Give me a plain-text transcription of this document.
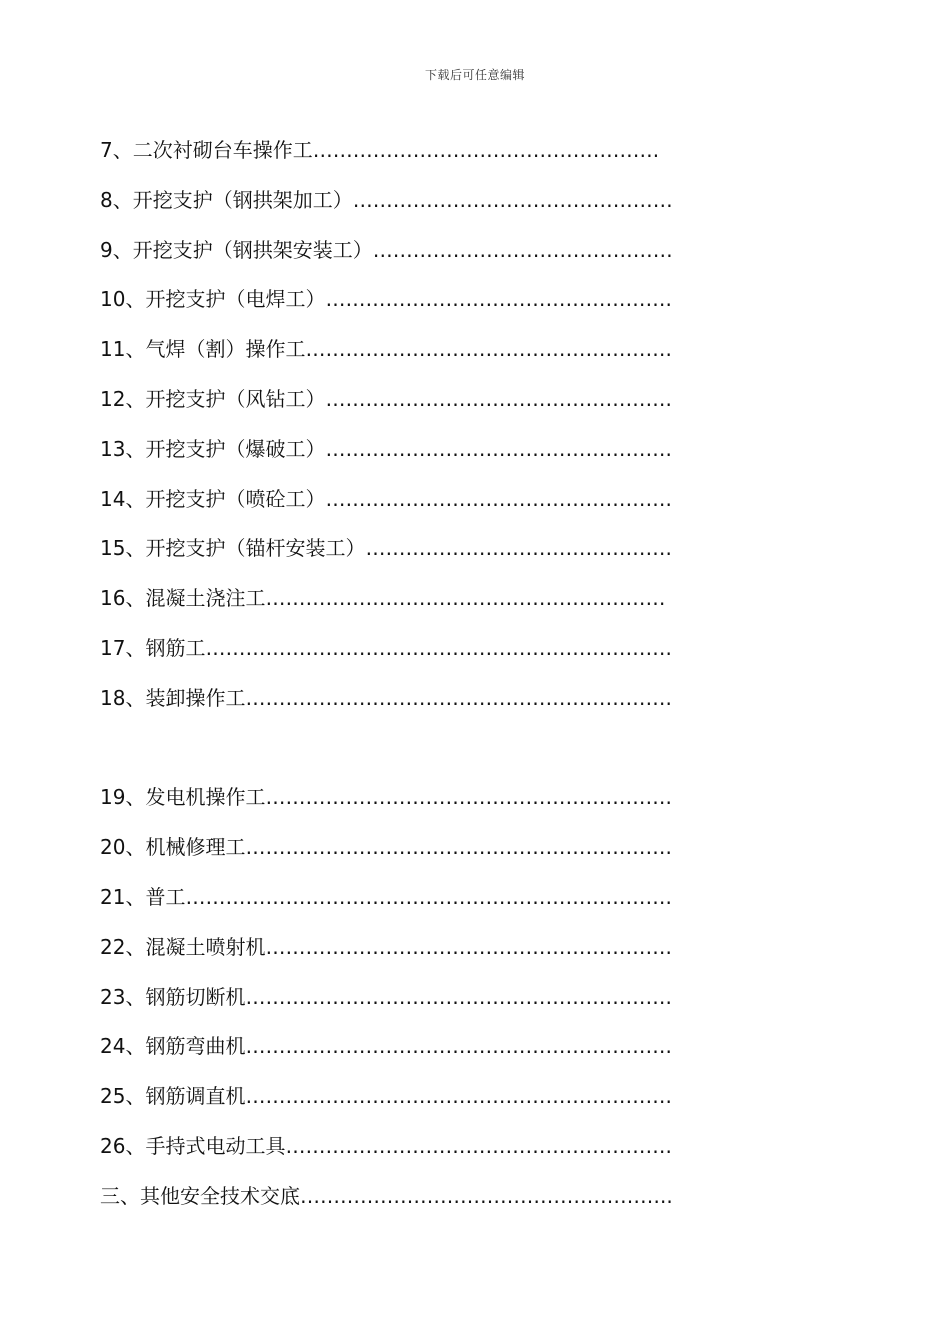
下载后可任意编辑
7、二次衬砌台车操作工…………………………………………….
8、开挖支护（钢拱架加工）…………………………………………
9、开挖支护（钢拱架安装工）………………………………………
10、开挖支护（电焊工）…………………………………………….
11、气焊（割）操作工……………………………………………….
12、开挖支护（风钻工）…………………………………………….
13、开挖支护（爆破工）…………………………………………….
14、开挖支护（喷砼工）…………………………………………….
15、开挖支护（锚杆安装工）……………………………………….
16、混凝土浇注工……………………………………………………
17、钢筋工…………………………………………………………….
18、装卸操作工……………………………………………………….
19、发电机操作工…………………………………………………….
20、机械修理工……………………………………………………….
21、普工……………………………………………………………….
22、混凝土喷射机…………………………………………………….
23、钢筋切断机……………………………………………………….
24、钢筋弯曲机……………………………………………………….
25、钢筋调直机……………………………………………………….
26、手持式电动工具………………………………………………….
三、其他安全技术交底………………………………………………..
